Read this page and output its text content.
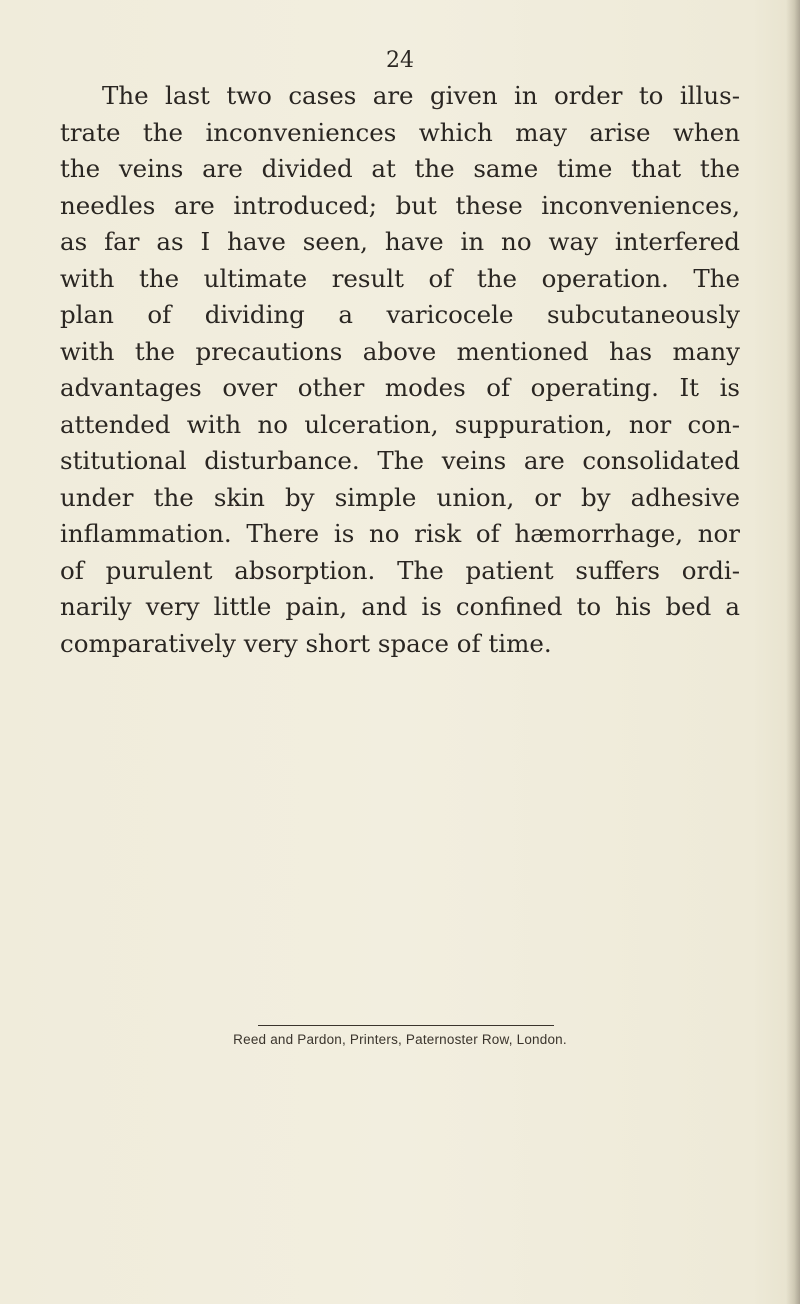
24
The last two cases are given in order to illus-
trate the inconveniences which may arise when
the veins are divided at the same time that the
needles are introduced; but these inconveniences,
as far as I have seen, have in no way interfered
with the ultimate result of the operation. The
plan of dividing a varicocele subcutaneously
with the precautions above mentioned has many
advantages over other modes of operating. It is
attended with no ulceration, suppuration, nor con-
stitutional disturbance. The veins are consolidated
under the skin by simple union, or by adhesive
inflammation. There is no risk of hæmorrhage, nor
of purulent absorption. The patient suffers ordi-
narily very little pain, and is confined to his bed a
comparatively very short space of time.
Reed and Pardon, Printers, Paternoster Row, London.
